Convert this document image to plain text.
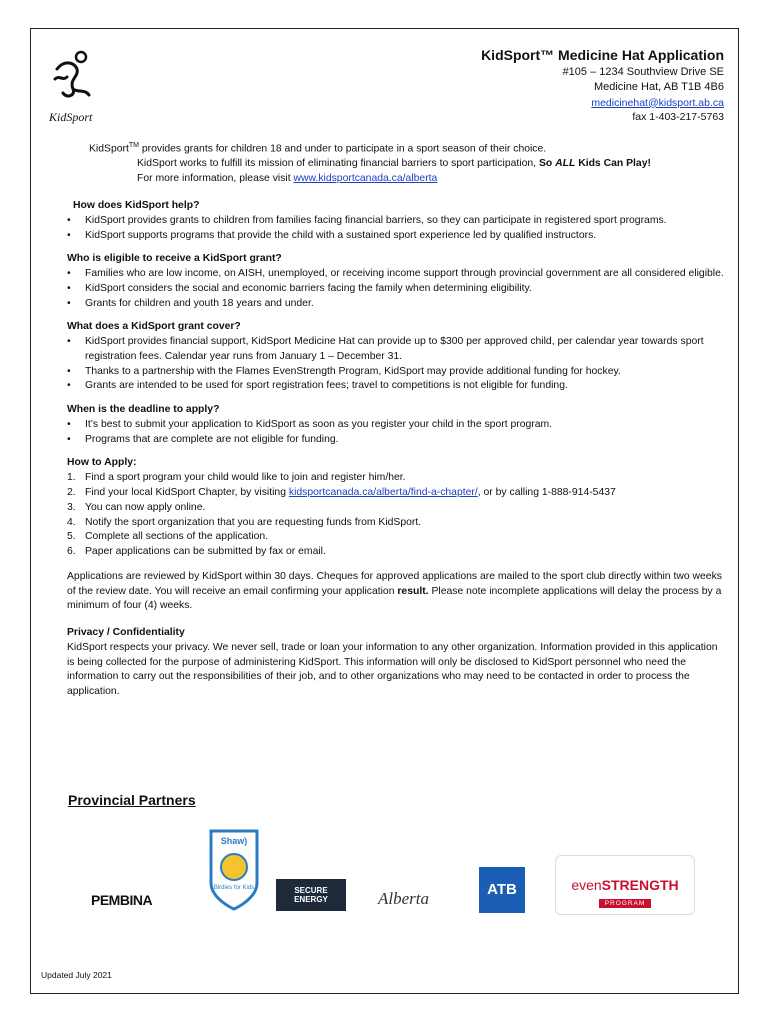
KidSport
KidSport™ Medicine Hat Application
#105 – 1234 Southview Drive SE
Medicine Hat, AB T1B 4B6
medicinehat@kidsport.ab.ca
fax 1-403-217-5763

KidSport™ provides grants for children 18 and under to participate in a sport season of their choice.

KidSport works to fulfill its mission of eliminating financial barriers to sport participation, So ALL Kids Can Play!

For more information, please visit www.kidsportcanada.ca/alberta

How does KidSport help?
• KidSport provides grants to children from families facing financial barriers, so they can participate in registered sport programs.
• KidSport supports programs that provide the child with a sustained sport experience led by qualified instructors.
Who is eligible to receive a KidSport grant?
• Families who are low income, on AISH, unemployed, or receiving income support through provincial government are all considered eligible.
• KidSport considers the social and economic barriers facing the family when determining eligibility.
• Grants for children and youth 18 years and under.
What does a KidSport grant cover?
• KidSport provides financial support, KidSport Medicine Hat can provide up to $300 per approved child, per calendar year towards sport registration fees. Calendar year runs from January 1 – December 31.
• Thanks to a partnership with the Flames EvenStrength Program, KidSport may provide additional funding for hockey.
• Grants are intended to be used for sport registration fees; travel to competitions is not eligible for funding.
When is the deadline to apply?
• It’s best to submit your application to KidSport as soon as you register your child in the sport program.
• Programs that are complete are not eligible for funding.
How to Apply:
1. Find a sport program your child would like to join and register him/her.
2. Find your local KidSport Chapter, by visiting kidsportcanada.ca/alberta/find-a-chapter/, or by calling 1-888-914-5437
3. You can now apply online.
4. Notify the sport organization that you are requesting funds from KidSport.
5. Complete all sections of the application.
6. Paper applications can be submitted by fax or email.

Applications are reviewed by KidSport within 30 days. Cheques for approved applications are mailed to the sport club directly within two weeks of the review date. You will receive an email confirming your application result. Please note incomplete applications will delay the process by a minimum of four (4) weeks.

Privacy / Confidentiality

KidSport respects your privacy. We never sell, trade or loan your information to any other organization. Information provided in this application is being collected for the purpose of administering KidSport. This information will only be disclosed to KidSport personnel who need the information to carry out the responsibilities of their job, and to other organizations who may need to be contacted in order to process the application.

Provincial Partners
PEMBINA
Birdies for Kids
Shaw)
SECURE
ENERGY	Alberta	ATB	evenSTRENGTH
PROGRAM
Updated July 2021
